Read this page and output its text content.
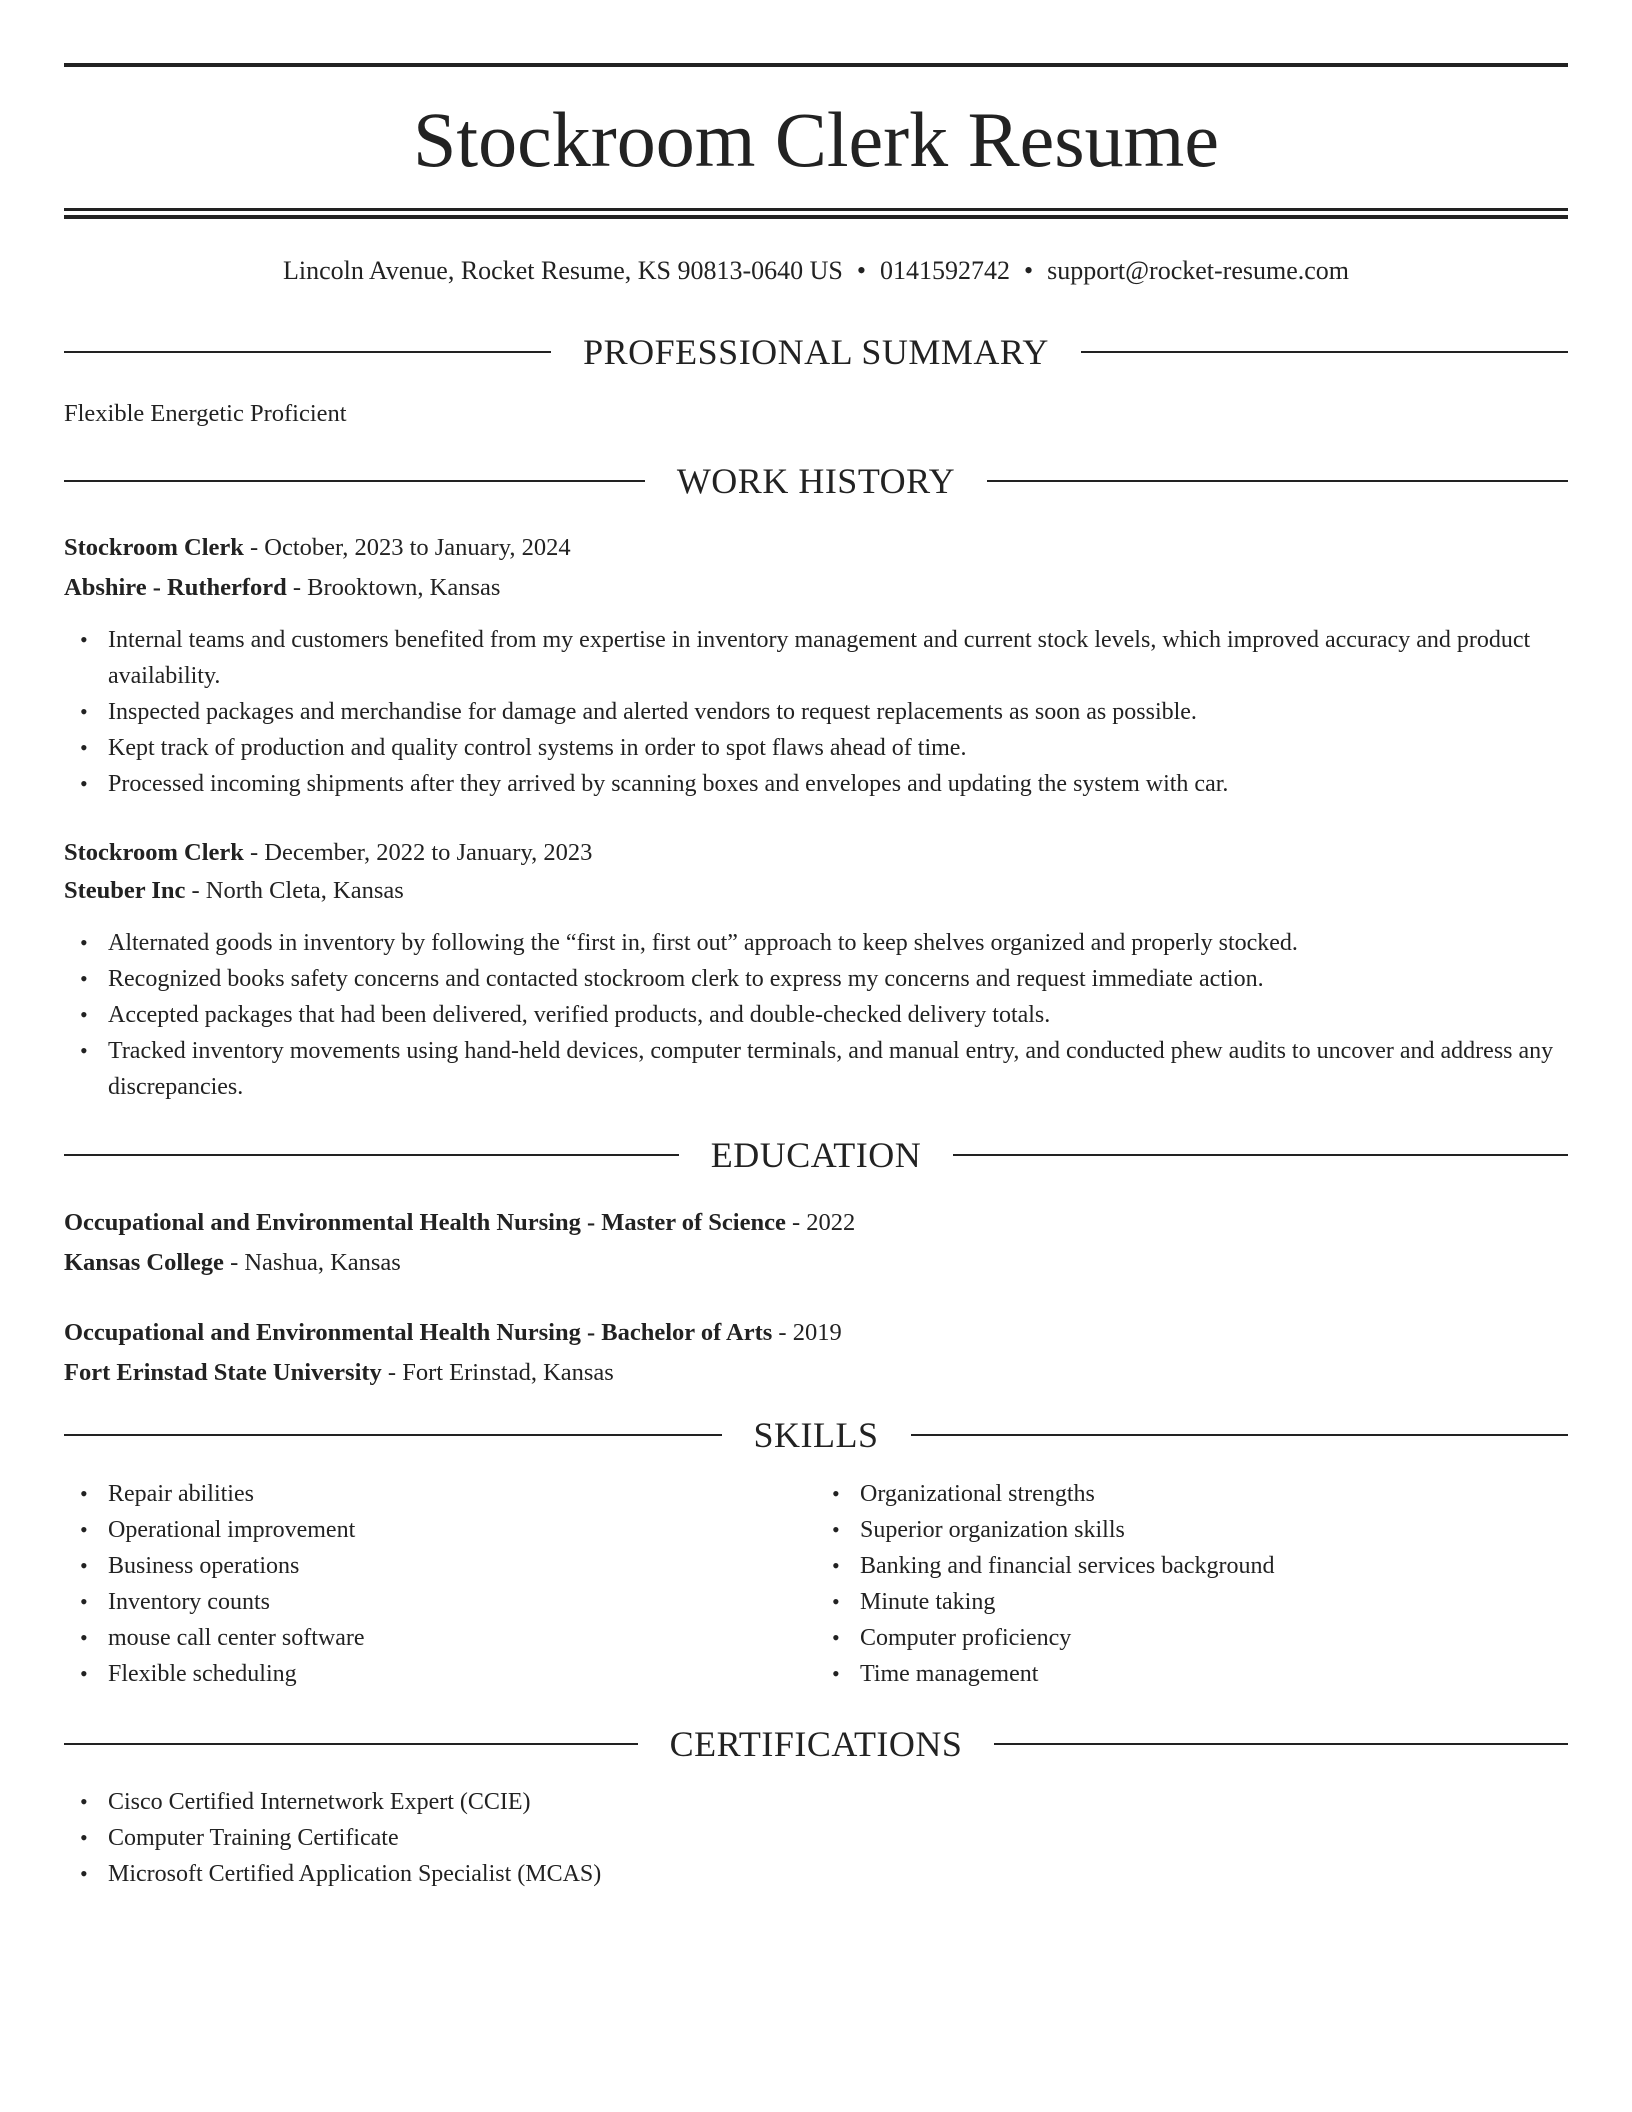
Stockroom Clerk Resume
Lincoln Avenue, Rocket Resume, KS 90813-0640 US • 0141592742 • support@rocket-resume.com
PROFESSIONAL SUMMARY
Flexible Energetic Proficient
WORK HISTORY
Stockroom Clerk - October, 2023 to January, 2024
Abshire - Rutherford - Brooktown, Kansas
• Internal teams and customers benefited from my expertise in inventory management and current stock levels, which improved accuracy and product availability.
• Inspected packages and merchandise for damage and alerted vendors to request replacements as soon as possible.
• Kept track of production and quality control systems in order to spot flaws ahead of time.
• Processed incoming shipments after they arrived by scanning boxes and envelopes and updating the system with car.
Stockroom Clerk - December, 2022 to January, 2023
Steuber Inc - North Cleta, Kansas
• Alternated goods in inventory by following the “first in, first out” approach to keep shelves organized and properly stocked.
• Recognized books safety concerns and contacted stockroom clerk to express my concerns and request immediate action.
• Accepted packages that had been delivered, verified products, and double-checked delivery totals.
• Tracked inventory movements using hand-held devices, computer terminals, and manual entry, and conducted phew audits to uncover and address any discrepancies.
EDUCATION
Occupational and Environmental Health Nursing - Master of Science - 2022
Kansas College - Nashua, Kansas
Occupational and Environmental Health Nursing - Bachelor of Arts - 2019
Fort Erinstad State University - Fort Erinstad, Kansas
SKILLS
• Repair abilities
• Operational improvement
• Business operations
• Inventory counts
• mouse call center software
• Flexible scheduling
• Organizational strengths
• Superior organization skills
• Banking and financial services background
• Minute taking
• Computer proficiency
• Time management
CERTIFICATIONS
• Cisco Certified Internetwork Expert (CCIE)
• Computer Training Certificate
• Microsoft Certified Application Specialist (MCAS)
